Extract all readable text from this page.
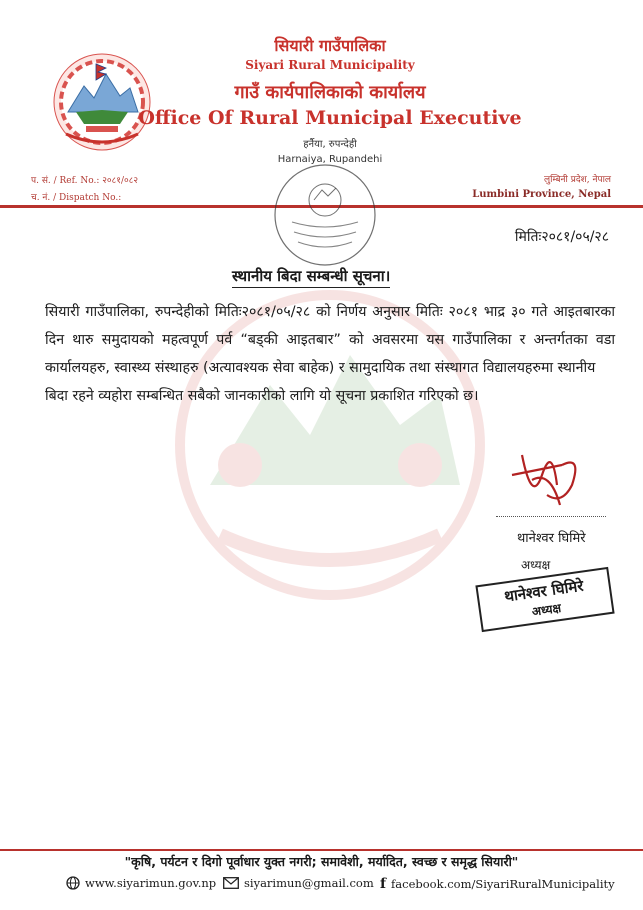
सियारी गाउँपालिका
Siyari Rural Municipality
गाउँ कार्यपालिकाको कार्यालय
Office Of Rural Municipal Executive
हर्नैया, रुपन्देही
Harnaiya, Rupandehi
प. सं. / Ref. No.: २०८१/०८२
च. नं. / Dispatch No.:
लुम्बिनी प्रदेश, नेपाल
Lumbini Province, Nepal
मितिः२०८१/०५/२८
स्थानीय बिदा सम्बन्धी सूचना।

सियारी गाउँपालिका, रुपन्देहीको मितिः२०८१/०५/२८ को निर्णय अनुसार मितिः २०८१ भाद्र ३० गते आइतबारका दिन थारु समुदायको महत्वपूर्ण पर्व “बड्की आइतबार” को अवसरमा यस गाउँपालिका र अन्तर्गतका वडा कार्यालयहरु, स्वास्थ्य संस्थाहरु (अत्यावश्यक सेवा बाहेक) र सामुदायिक तथा संस्थागत विद्यालयहरुमा स्थानीय

बिदा रहने व्यहोरा सम्बन्धित सबैको जानकारीको लागि यो सूचना प्रकाशित गरिएको छ।
थानेश्वर घिमिरे
अध्यक्ष
थानेश्वर घिमिरे
अध्यक्ष
"कृषि, पर्यटन र दिगो पूर्वाधार युक्त नगरी; समावेशी, मर्यादित, स्वच्छ र समृद्ध सियारी"
www.siyarimun.gov.np siyarimun@gmail.com f facebook.com/SiyariRuralMunicipality
